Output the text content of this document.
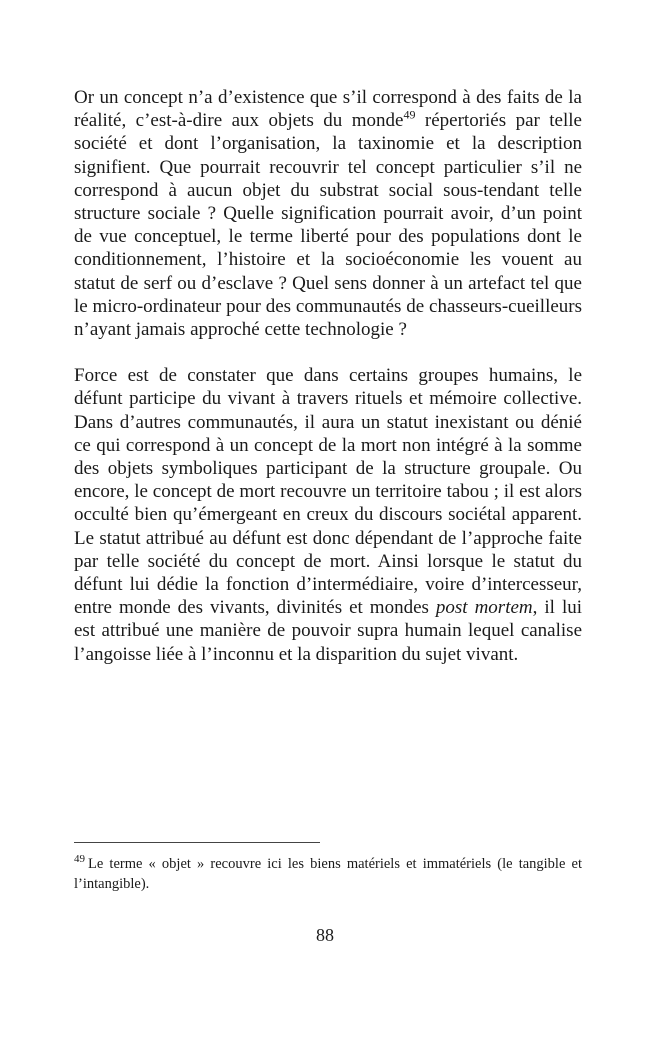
Or un concept n’a d’existence que s’il correspond à des faits de la réalité, c’est-à-dire aux objets du monde$^{49}$ répertoriés par telle société et dont l’organisation, la taxinomie et la description signifient. Que pourrait recouvrir tel concept particulier s’il ne correspond à aucun objet du substrat social sous-tendant telle structure sociale ? Quelle signification pourrait avoir, d’un point de vue conceptuel, le terme liberté pour des populations dont le conditionnement, l’histoire et la socioéconomie les vouent au statut de serf ou d’esclave ? Quel sens donner à un artefact tel que le micro-ordinateur pour des communautés de chasseurs-cueilleurs n’ayant jamais approché cette technologie ?

Force est de constater que dans certains groupes humains, le défunt participe du vivant à travers rituels et mémoire collective. Dans d’autres communautés, il aura un statut inexistant ou dénié ce qui correspond à un concept de la mort non intégré à la somme des objets symboliques participant de la structure groupale. Ou encore, le concept de mort recouvre un territoire tabou ; il est alors occulté bien qu’émergeant en creux du discours sociétal apparent. Le statut attribué au défunt est donc dépendant de l’approche faite par telle société du concept de mort. Ainsi lorsque le statut du défunt lui dédie la fonction d’intermédiaire, voire d’intercesseur, entre monde des vivants, divinités et mondes post mortem, il lui est attribué une manière de pouvoir supra humain lequel canalise l’angoisse liée à l’inconnu et la disparition du sujet vivant.

$^{49}$ Le terme « objet » recouvre ici les biens matériels et immatériels (le tangible et l’intangible).

88
